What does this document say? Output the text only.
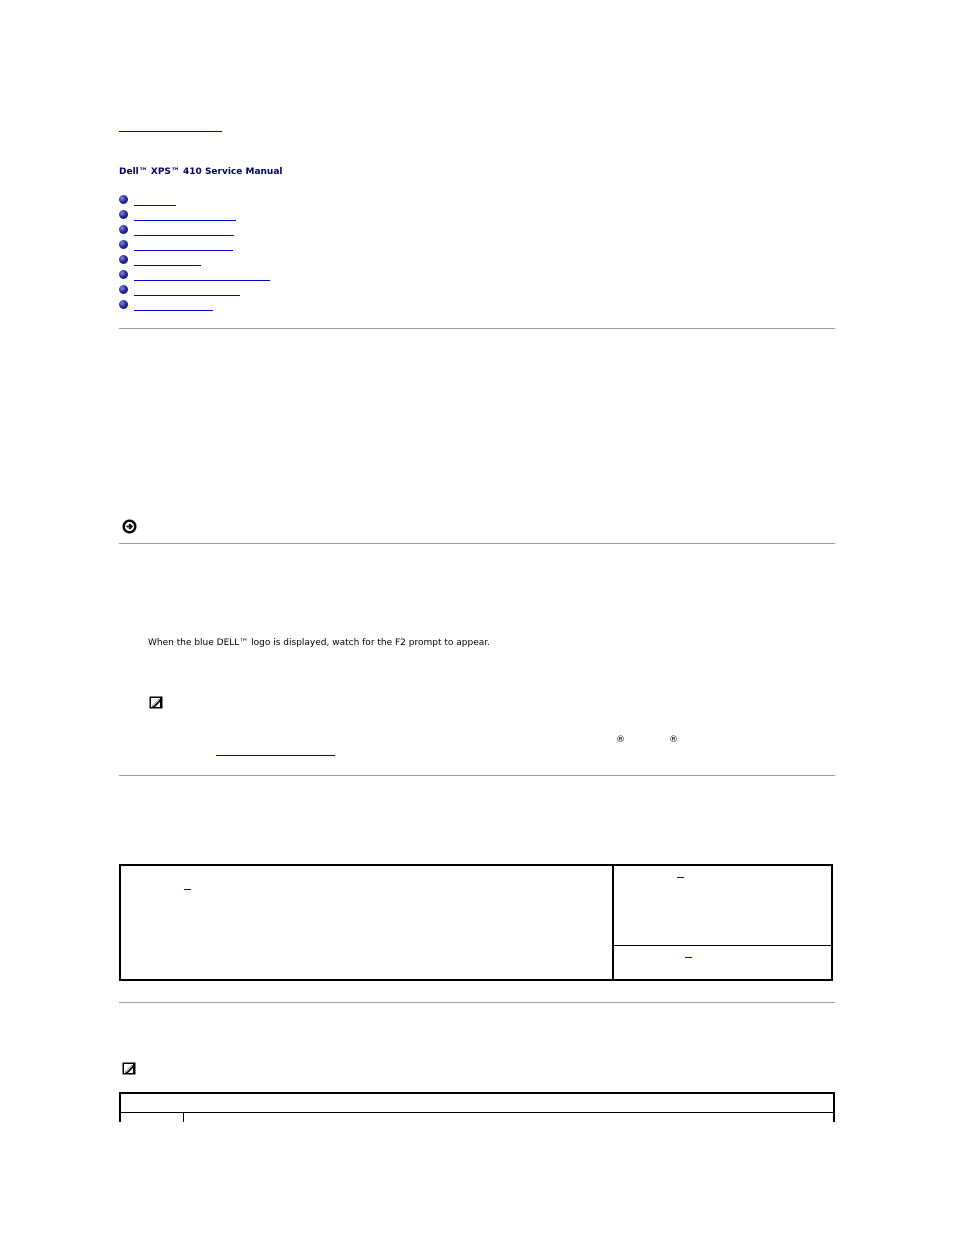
Dell™ XPS™ 410 Service Manual
When the blue DELL™ logo is displayed, watch for the F2 prompt to appear.
®	®
